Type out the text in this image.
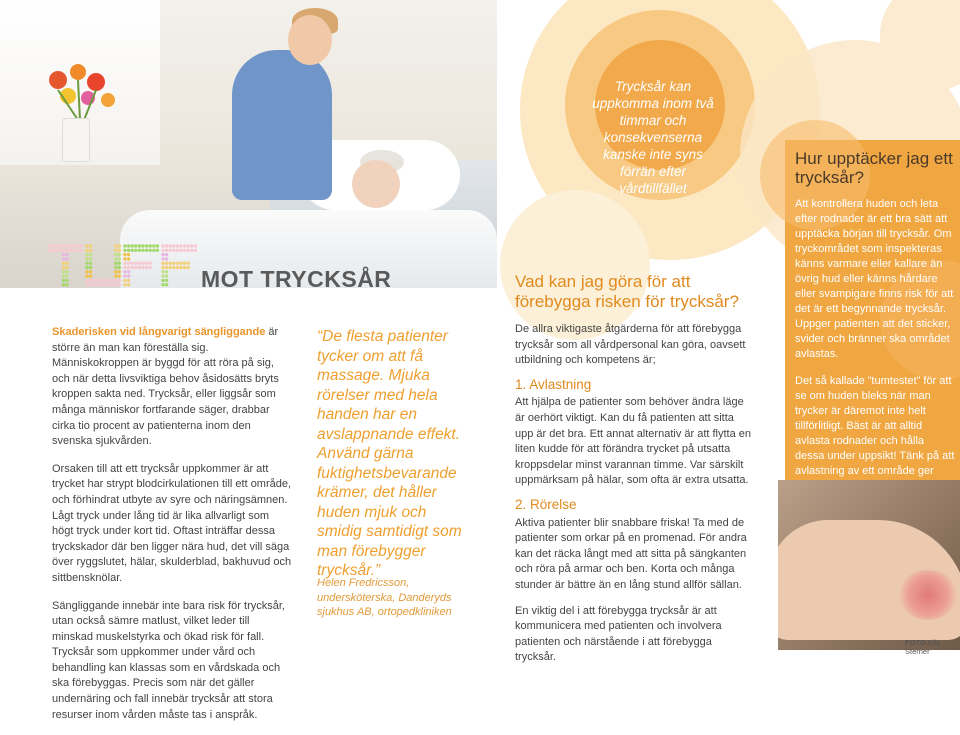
MOT TRYCKSÅR

Skaderisken vid långvarigt sängliggande är större än man kan föreställa sig. Människokroppen är byggd för att röra på sig, och när detta livsviktiga behov åsidosätts bryts kroppen sakta ned. Trycksår, eller liggsår som många människor fortfarande säger, drabbar cirka tio procent av patienterna inom den svenska sjukvården.

Orsaken till att ett trycksår uppkommer är att trycket har strypt blodcirkulationen till ett område, och förhindrat utbyte av syre och näringsämnen. Lågt tryck under lång tid är lika allvarligt som högt tryck under kort tid. Oftast inträffar dessa tryckskador där ben ligger nära hud, det vill säga över ryggslutet, hälar, skulderblad, bakhuvud och sittbensknölar.

Sängliggande innebär inte bara risk för trycksår, utan också sämre matlust, vilket leder till minskad muskelstyrka och ökad risk för fall. Trycksår som uppkommer under vård och behandling kan klassas som en vårdskada och ska förebyggas. Precis som när det gäller undernäring och fall innebär trycksår att stora resurser inom vården måste tas i anspråk.

“De flesta patienter tycker om att få massage. Mjuka rörelser med hela handen har en avslappnande effekt. Använd gärna fuktighetsbevarande krämer, det håller huden mjuk och smidig samtidigt som man förebygger trycksår.”
Helen Fredricsson, undersköterska, Danderyds sjukhus AB, ortopedkliniken
Trycksår kan uppkomma inom två timmar och konsekvenserna kanske inte syns förrän efter vårdtillfället
Vad kan jag göra för att förebygga risken för trycksår?

De allra viktigaste åtgärderna för att förebygga trycksår som all vårdpersonal kan göra, oavsett utbildning och kompetens är;

1. Avlastning

Att hjälpa de patienter som behöver ändra läge är oerhört viktigt. Kan du få patienten att sitta upp är det bra. Ett annat alternativ är att flytta en liten kudde för att förändra trycket på utsatta kroppsdelar minst varannan timme. Var särskilt uppmärksam på hälar, som ofta är extra utsatta.

2. Rörelse

Aktiva patienter blir snabbare friska! Ta med de patienter som orkar på en promenad. För andra kan det räcka långt med att sitta på sängkanten och röra på armar och ben. Korta och många stunder är bättre än en lång stund allför sällan.

En viktig del i att förebygga trycksår är att kommunicera med patienten och involvera patienten och närstående i att förebygga trycksår.

Hur upptäcker jag ett trycksår?

Att kontrollera huden och leta efter rodnader är ett bra sätt att upptäcka början till trycksår. Om tryckområdet som inspekteras känns varmare eller kallare än övrig hud eller känns hårdare eller svampigare finns risk för att det är ett begynnande trycksår. Uppger patienten att det sticker, svider och bränner ska området avlastas.

Det så kallade ”tumtestet” för att se om huden bleks när man trycker är däremot inte helt tillförlitligt. Bäst är att alltid avlasta rodnader och hålla dessa under uppsikt! Tänk på att avlastning av ett område ger

FOTO Eila Sterner
